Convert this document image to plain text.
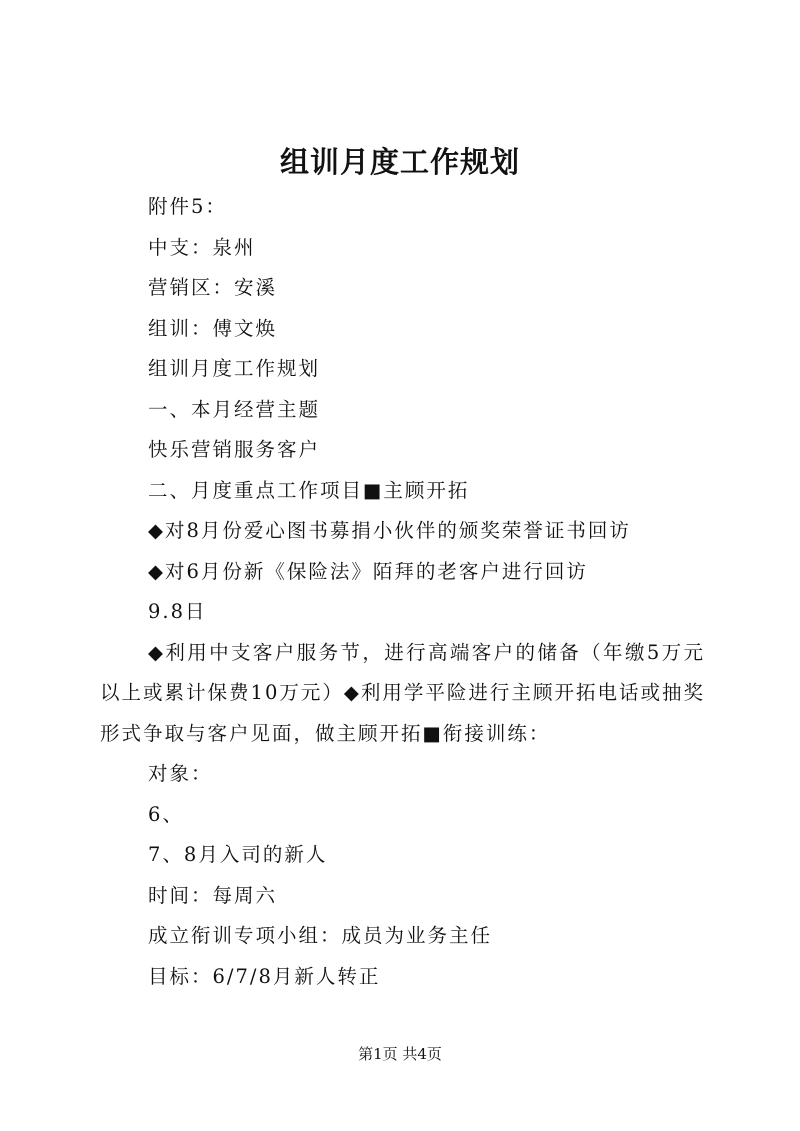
组训月度工作规划

附件5：

中支：泉州

营销区：安溪

组训：傅文焕

组训月度工作规划

一、本月经营主题

快乐营销服务客户

二、月度重点工作项目■主顾开拓

◆对8月份爱心图书募捐小伙伴的颁奖荣誉证书回访

◆对6月份新《保险法》陌拜的老客户进行回访

9.8日

◆利用中支客户服务节，进行高端客户的储备（年缴5万元以上或累计保费10万元）◆利用学平险进行主顾开拓电话或抽奖形式争取与客户见面，做主顾开拓■衔接训练：

对象：

6、

7、8月入司的新人

时间：每周六

成立衔训专项小组：成员为业务主任

目标：6/7/8月新人转正

第1页 共4页
